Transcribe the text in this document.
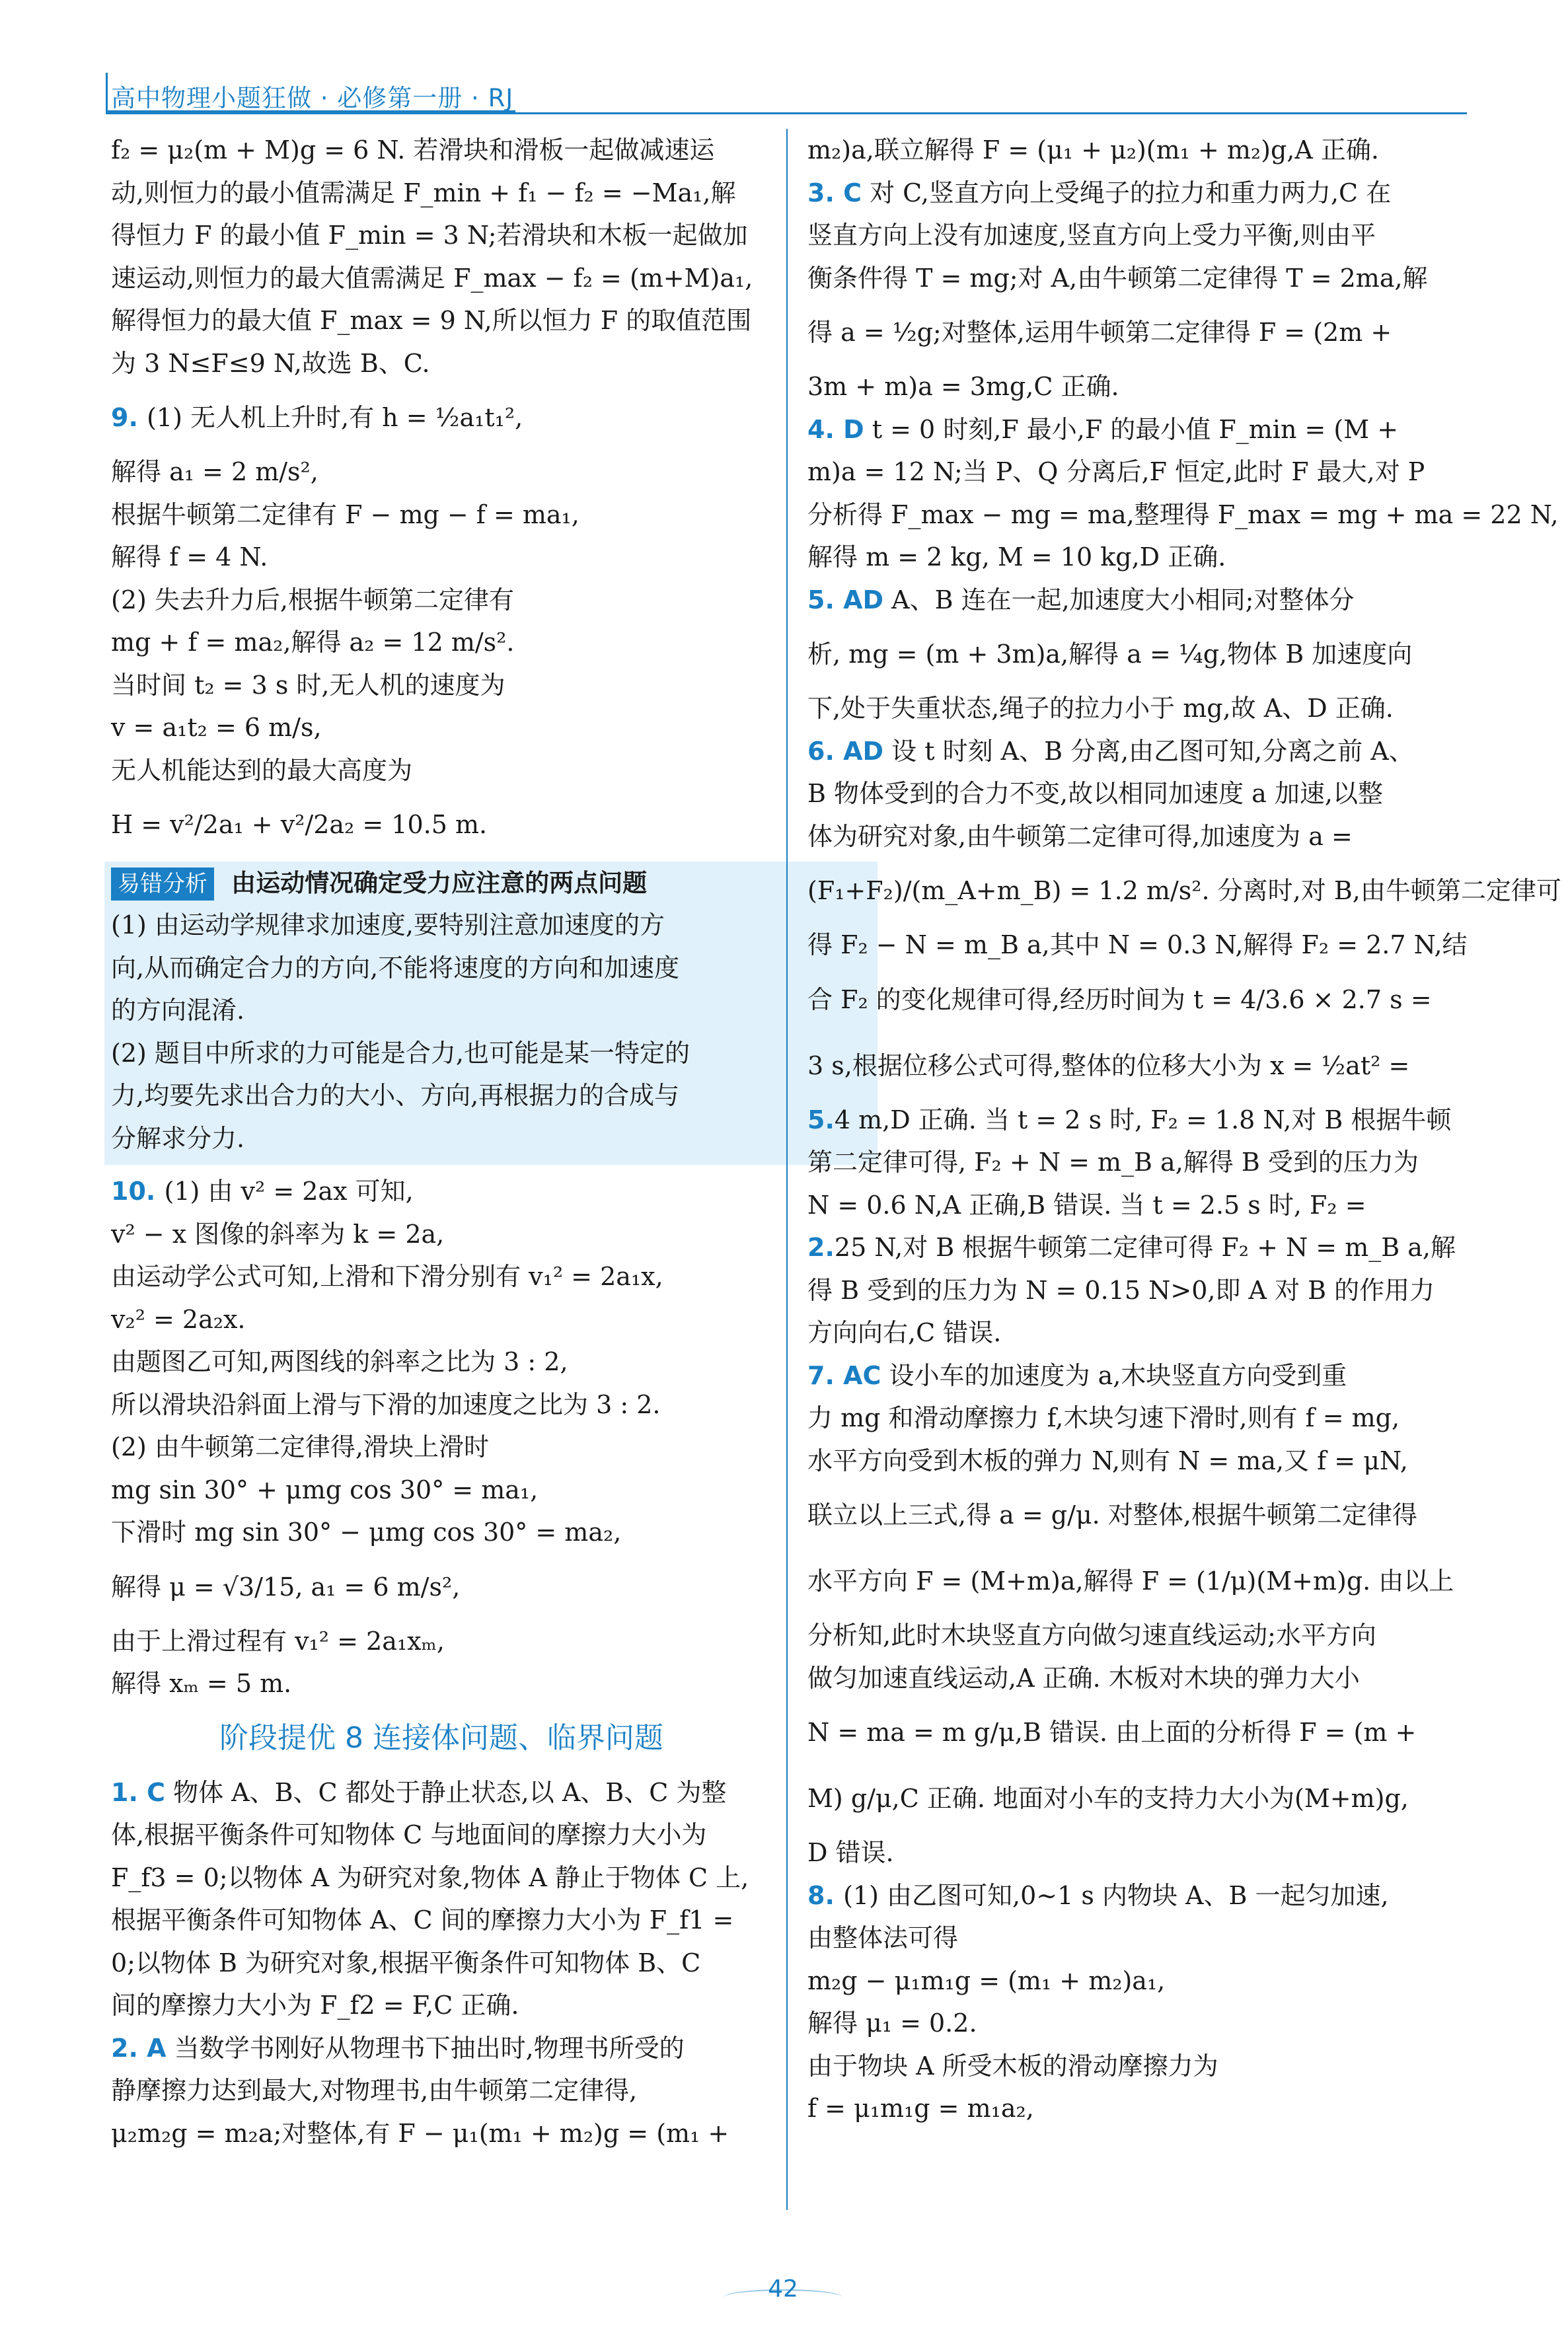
高中物理小题狂做 · 必修第一册 · RJ
f₂ = μ₂(m + M)g = 6 N. 若滑块和滑板一起做减速运
动,则恒力的最小值需满足 F_min + f₁ − f₂ = −Ma₁,解
得恒力 F 的最小值 F_min = 3 N;若滑块和木板一起做加
速运动,则恒力的最大值需满足 F_max − f₂ = (m+M)a₁,
解得恒力的最大值 F_max = 9 N,所以恒力 F 的取值范围
为 3 N≤F≤9 N,故选 B、C.
9. (1) 无人机上升时,有 h = ½a₁t₁²,
解得 a₁ = 2 m/s²,
根据牛顿第二定律有 F − mg − f = ma₁,
解得 f = 4 N.
(2) 失去升力后,根据牛顿第二定律有
mg + f = ma₂,解得 a₂ = 12 m/s².
当时间 t₂ = 3 s 时,无人机的速度为
v = a₁t₂ = 6 m/s,
无人机能达到的最大高度为
H = v²/2a₁ + v²/2a₂ = 10.5 m.
易错分析 由运动情况确定受力应注意的两点问题
(1) 由运动学规律求加速度,要特别注意加速度的方
向,从而确定合力的方向,不能将速度的方向和加速度
的方向混淆.
(2) 题目中所求的力可能是合力,也可能是某一特定的
力,均要先求出合力的大小、方向,再根据力的合成与
分解求分力.
10. (1) 由 v² = 2ax 可知,
v² − x 图像的斜率为 k = 2a,
由运动学公式可知,上滑和下滑分别有 v₁² = 2a₁x,
v₂² = 2a₂x.
由题图乙可知,两图线的斜率之比为 3 : 2,
所以滑块沿斜面上滑与下滑的加速度之比为 3 : 2.
(2) 由牛顿第二定律得,滑块上滑时
mg sin 30° + μmg cos 30° = ma₁,
下滑时 mg sin 30° − μmg cos 30° = ma₂,
解得 μ = √3/15, a₁ = 6 m/s²,
由于上滑过程有 v₁² = 2a₁xₘ,
解得 xₘ = 5 m.
阶段提优 8 连接体问题、临界问题
1. C 物体 A、B、C 都处于静止状态,以 A、B、C 为整
体,根据平衡条件可知物体 C 与地面间的摩擦力大小为
F_f3 = 0;以物体 A 为研究对象,物体 A 静止于物体 C 上,
根据平衡条件可知物体 A、C 间的摩擦力大小为 F_f1 =
0;以物体 B 为研究对象,根据平衡条件可知物体 B、C
间的摩擦力大小为 F_f2 = F,C 正确.
2. A 当数学书刚好从物理书下抽出时,物理书所受的
静摩擦力达到最大,对物理书,由牛顿第二定律得,
μ₂m₂g = m₂a;对整体,有 F − μ₁(m₁ + m₂)g = (m₁ +
m₂)a,联立解得 F = (μ₁ + μ₂)(m₁ + m₂)g,A 正确.
3. C 对 C,竖直方向上受绳子的拉力和重力两力,C 在
竖直方向上没有加速度,竖直方向上受力平衡,则由平
衡条件得 T = mg;对 A,由牛顿第二定律得 T = 2ma,解
得 a = ½g;对整体,运用牛顿第二定律得 F = (2m +
3m + m)a = 3mg,C 正确.
4. D t = 0 时刻,F 最小,F 的最小值 F_min = (M +
m)a = 12 N;当 P、Q 分离后,F 恒定,此时 F 最大,对 P
分析得 F_max − mg = ma,整理得 F_max = mg + ma = 22 N,
解得 m = 2 kg, M = 10 kg,D 正确.
5. AD A、B 连在一起,加速度大小相同;对整体分
析, mg = (m + 3m)a,解得 a = ¼g,物体 B 加速度向
下,处于失重状态,绳子的拉力小于 mg,故 A、D 正确.
6. AD 设 t 时刻 A、B 分离,由乙图可知,分离之前 A、
B 物体受到的合力不变,故以相同加速度 a 加速,以整
体为研究对象,由牛顿第二定律可得,加速度为 a =
(F₁+F₂)/(m_A+m_B) = 1.2 m/s². 分离时,对 B,由牛顿第二定律可
得 F₂ − N = m_B a,其中 N = 0.3 N,解得 F₂ = 2.7 N,结
合 F₂ 的变化规律可得,经历时间为 t = 4/3.6 × 2.7 s =
3 s,根据位移公式可得,整体的位移大小为 x = ½at² =
5.4 m,D 正确. 当 t = 2 s 时, F₂ = 1.8 N,对 B 根据牛顿
第二定律可得, F₂ + N = m_B a,解得 B 受到的压力为
N = 0.6 N,A 正确,B 错误. 当 t = 2.5 s 时, F₂ =
2.25 N,对 B 根据牛顿第二定律可得 F₂ + N = m_B a,解
得 B 受到的压力为 N = 0.15 N>0,即 A 对 B 的作用力
方向向右,C 错误.
7. AC 设小车的加速度为 a,木块竖直方向受到重
力 mg 和滑动摩擦力 f,木块匀速下滑时,则有 f = mg,
水平方向受到木板的弹力 N,则有 N = ma,又 f = μN,
联立以上三式,得 a = g/μ. 对整体,根据牛顿第二定律得
水平方向 F = (M+m)a,解得 F = (1/μ)(M+m)g. 由以上
分析知,此时木块竖直方向做匀速直线运动;水平方向
做匀加速直线运动,A 正确. 木板对木块的弹力大小
N = ma = m g/μ,B 错误. 由上面的分析得 F = (m +
M) g/μ,C 正确. 地面对小车的支持力大小为(M+m)g,
D 错误.
8. (1) 由乙图可知,0~1 s 内物块 A、B 一起匀加速,
由整体法可得
m₂g − μ₁m₁g = (m₁ + m₂)a₁,
解得 μ₁ = 0.2.
由于物块 A 所受木板的滑动摩擦力为
f = μ₁m₁g = m₁a₂,
42
